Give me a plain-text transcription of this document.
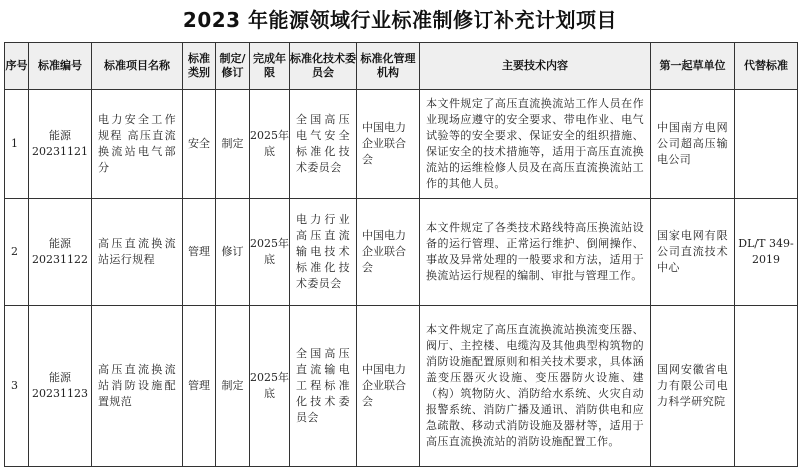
2023 年能源领域行业标准制修订补充计划项目
序号	标准编号	标准项目名称	标准类别	制定/修订	完成年限	标准化技术委员会	标准化管理机构	主要技术内容	第一起草单位	代替标准
1	能源20231121	电力安全工作规程 高压直流换流站电气部分	安全	制定	2025年底	全国高压电气安全标准化技术委员会	中国电力企业联合会	本文件规定了高压直流换流站工作人员在作业现场应遵守的安全要求、带电作业、电气试验等的安全要求、保证安全的组织措施、保证安全的技术措施等，适用于高压直流换流站的运维检修人员及在高压直流换流站工作的其他人员。	中国南方电网公司超高压输电公司	
2	能源20231122	高压直流换流站运行规程	管理	修订	2025年底	电力行业高压直流输电技术标准化技术委员会	中国电力企业联合会	本文件规定了各类技术路线特高压换流站设备的运行管理、正常运行维护、倒闸操作、事故及异常处理的一般要求和方法，适用于换流站运行规程的编制、审批与管理工作。	国家电网有限公司直流技术中心	DL/T 349-2019
3	能源20231123	高压直流换流站消防设施配置规范	管理	制定	2025年底	全国高压直流输电工程标准化技术委员会	中国电力企业联合会	本文件规定了高压直流换流站换流变压器、阀厅、主控楼、电缆沟及其他典型构筑物的消防设施配置原则和相关技术要求，具体涵盖变压器灭火设施、变压器防火设施、建（构）筑物防火、消防给水系统、火灾自动报警系统、消防广播及通讯、消防供电和应急疏散、移动式消防设施及器材等，适用于高压直流换流站的消防设施配置工作。	国网安徽省电力有限公司电力科学研究院	
